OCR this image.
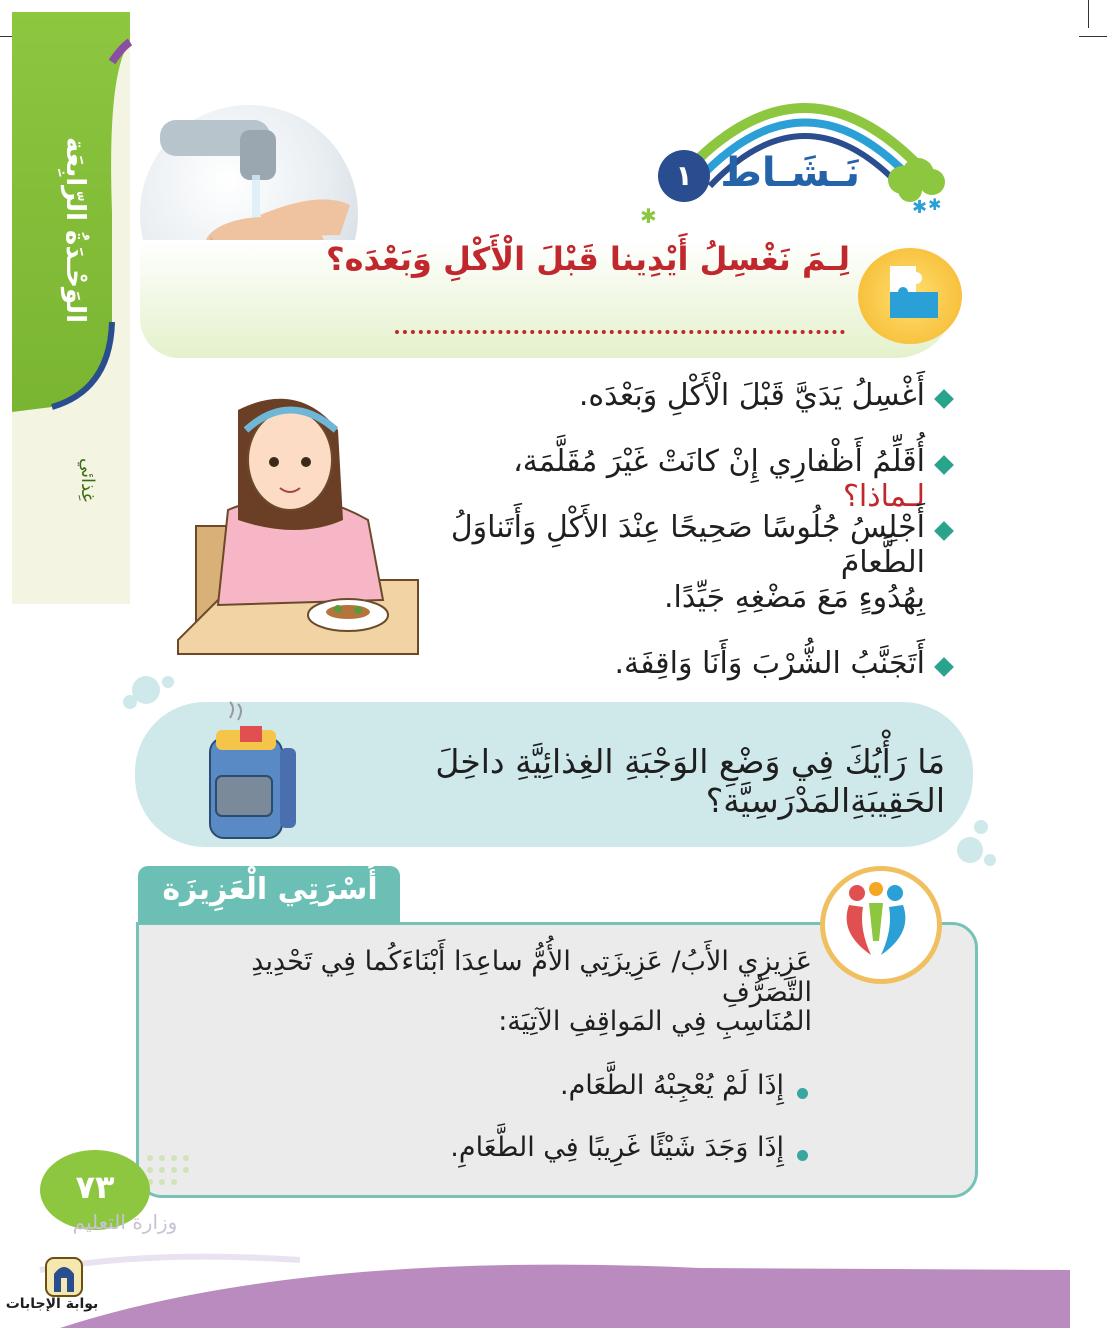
الوَحْـدَةُ الرّابِعَة
غِذائي
✱ ✱
✱
نَـشَـاط
١
لِـمَ نَغْسِلُ أَيْدِينا قَبْلَ الْأَكْلِ وَبَعْدَه؟
أَغْسِلُ يَدَيَّ قَبْلَ الْأَكْلِ وَبَعْدَه.
أُقَلِّمُ أَظْفارِي إِنْ كانَتْ غَيْرَ مُقَلَّمَة، لـماذا؟
أَجْلِسُ جُلُوسًا صَحِيحًا عِنْدَ الأَكْلِ وَأَتَناوَلُ الطَّعامَ
بِهُدُوءٍ مَعَ مَضْغِهِ جَيِّدًا.
أَتَجَنَّبُ الشُّرْبَ وَأَنَا وَاقِفَة.
مَا رَأْيُكَ فِي وَضْعِ الوَجْبَةِ الغِذائِيَّةِ داخِلَ الحَقِيبَةِالمَدْرَسِيَّة؟
أُسْرَتِي الْعَزِيزَة
عَزِيزِي الأَبُ/ عَزِيزَتِي الأُمُّ ساعِدَا أَبْنَاءَكُما فِي تَحْدِيدِ التَّصَرُّفِ
المُنَاسِبِ فِي المَواقِفِ الآتِيَة:
إِذَا لَمْ يُعْجِبْهُ الطَّعَام.
إِذَا وَجَدَ شَيْئًا غَرِيبًا فِي الطَّعَامِ.
٧٣
وزارة التعليم
بوابة الإجابات
